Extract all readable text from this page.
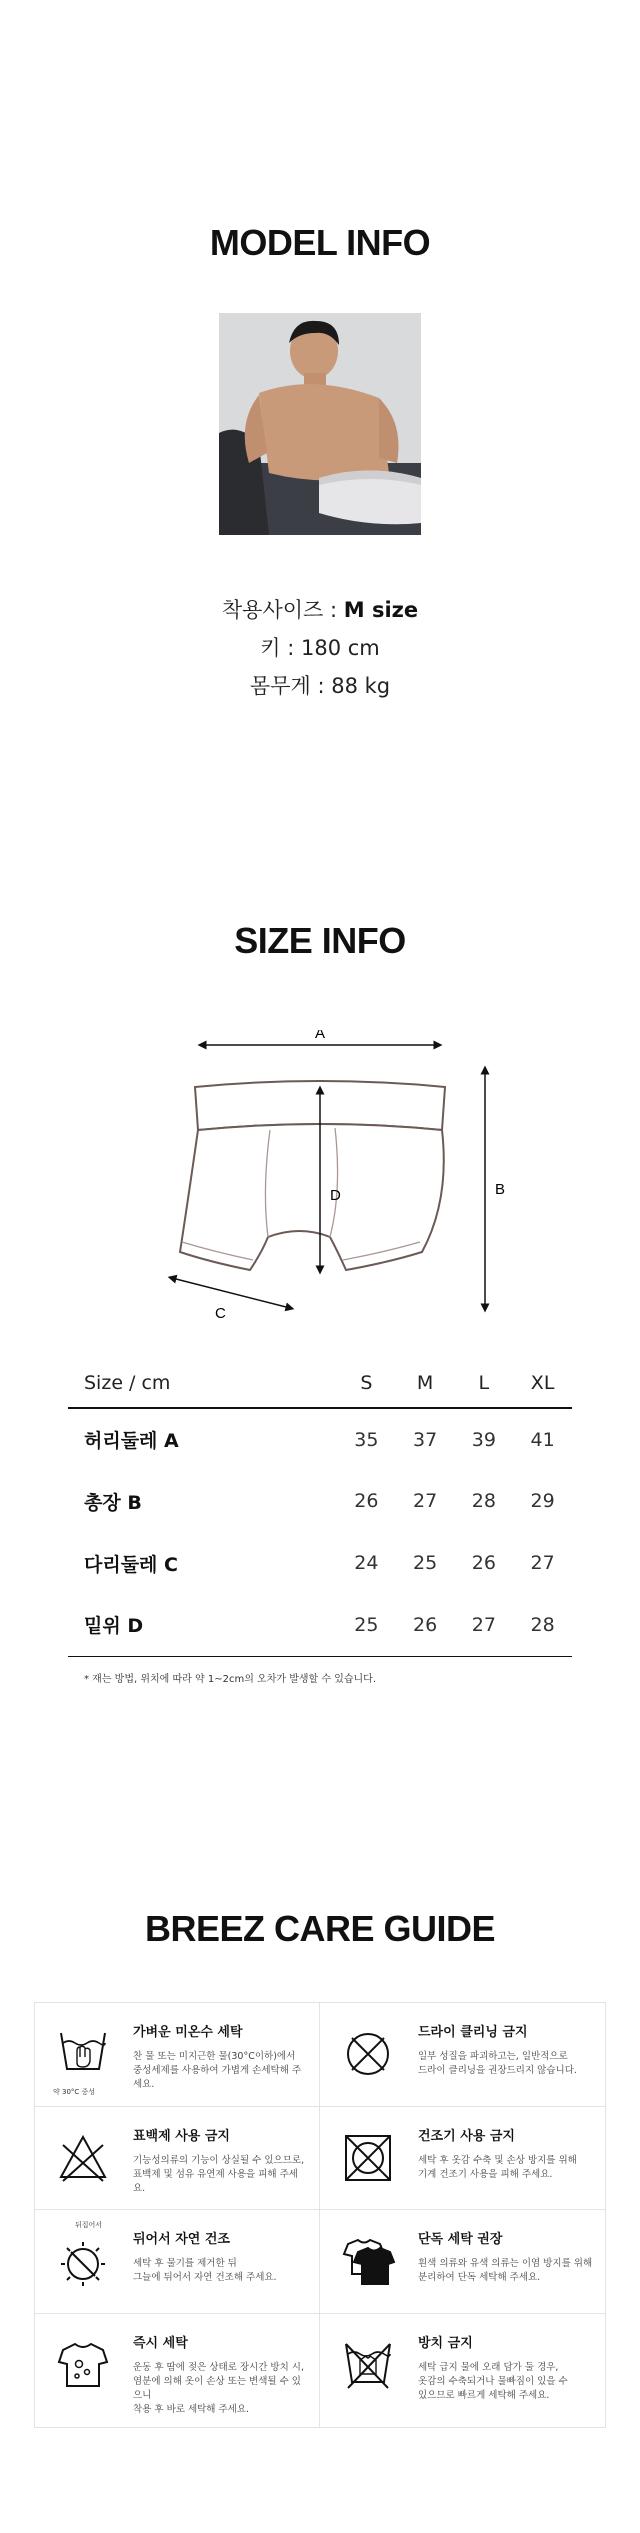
MODEL INFO
착용사이즈 : M size
키 : 180 cm
몸무게 : 88 kg
SIZE INFO
A
B
C
D
Size / cm	S	M	L	XL
허리둘레 A	35	37	39	41
총장 B	26	27	28	29
다리둘레 C	24	25	26	27
밑위 D	25	26	27	28
* 재는 방법, 위치에 따라 약 1~2cm의 오차가 발생할 수 있습니다.
BREEZ CARE GUIDE
약 30°C 중성
가벼운 미온수 세탁
찬 물 또는 미지근한 물(30°C이하)에서
중성세제를 사용하여 가볍게 손세탁해 주세요.
드라이 클리닝 금지
일부 성질을 파괴하고는, 일반적으로
드라이 클리닝을 권장드리지 않습니다.
표백제 사용 금지
기능성의류의 기능이 상실될 수 있으므로,
표백제 및 섬유 유연제 사용을 피해 주세요.
건조기 사용 금지
세탁 후 옷감 수축 및 손상 방지를 위해
기계 건조기 사용을 피해 주세요.
뒤집어서
뒤어서 자연 건조
세탁 후 물기를 제거한 뒤
그늘에 뒤어서 자연 건조해 주세요.
단독 세탁 권장
흰색 의류와 유색 의류는 이염 방지를 위해
분리하여 단독 세탁해 주세요.
즉시 세탁
운동 후 땀에 젖은 상태로 장시간 방치 시,
염분에 의해 옷이 손상 또는 변색될 수 있으니
착용 후 바로 세탁해 주세요.
방치 금지
세탁 급지 물에 오래 담가 둘 경우,
옷감의 수축되거나 물빠짐이 있을 수
있으므로 빠르게 세탁해 주세요.
